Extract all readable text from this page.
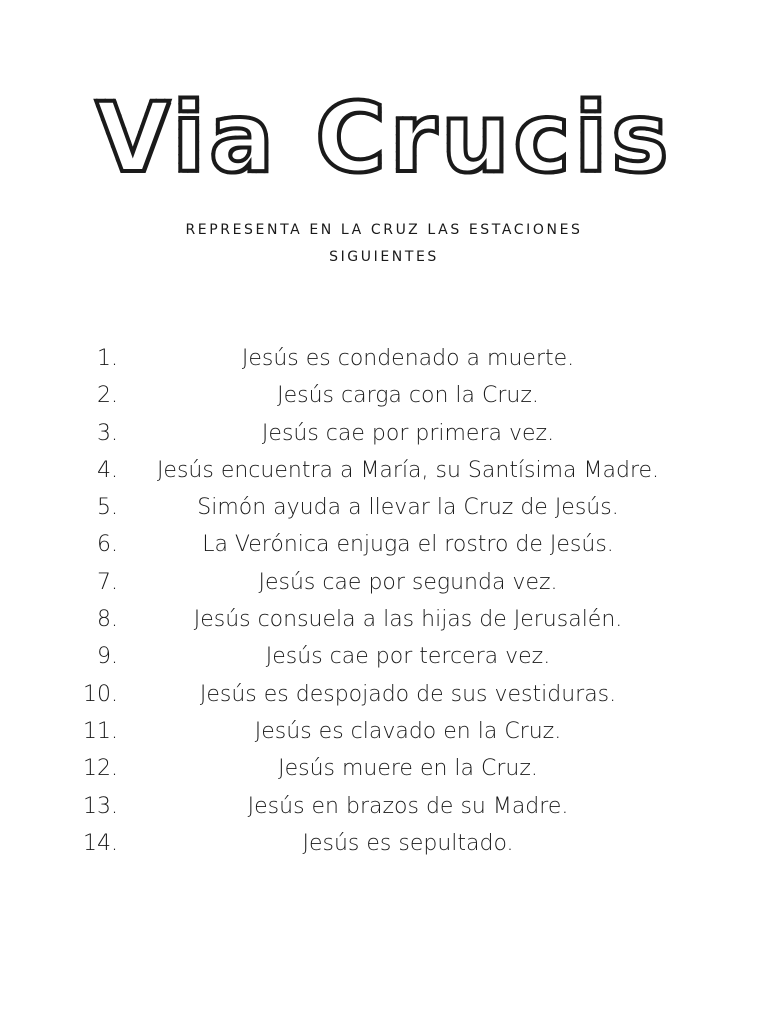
Via Crucis
REPRESENTA EN LA CRUZ LAS ESTACIONES SIGUIENTES
1.	Jesús es condenado a muerte.
2.	Jesús carga con la Cruz.
3.	Jesús cae por primera vez.
4.	Jesús encuentra a María, su Santísima Madre.
5.	Simón ayuda a llevar la Cruz de Jesús.
6.	La Verónica enjuga el rostro de Jesús.
7.	Jesús cae por segunda vez.
8.	Jesús consuela a las hijas de Jerusalén.
9.	Jesús cae por tercera vez.
10.	Jesús es despojado de sus vestiduras.
11.	Jesús es clavado en la Cruz.
12.	Jesús muere en la Cruz.
13.	Jesús en brazos de su Madre.
14.	Jesús es sepultado.
